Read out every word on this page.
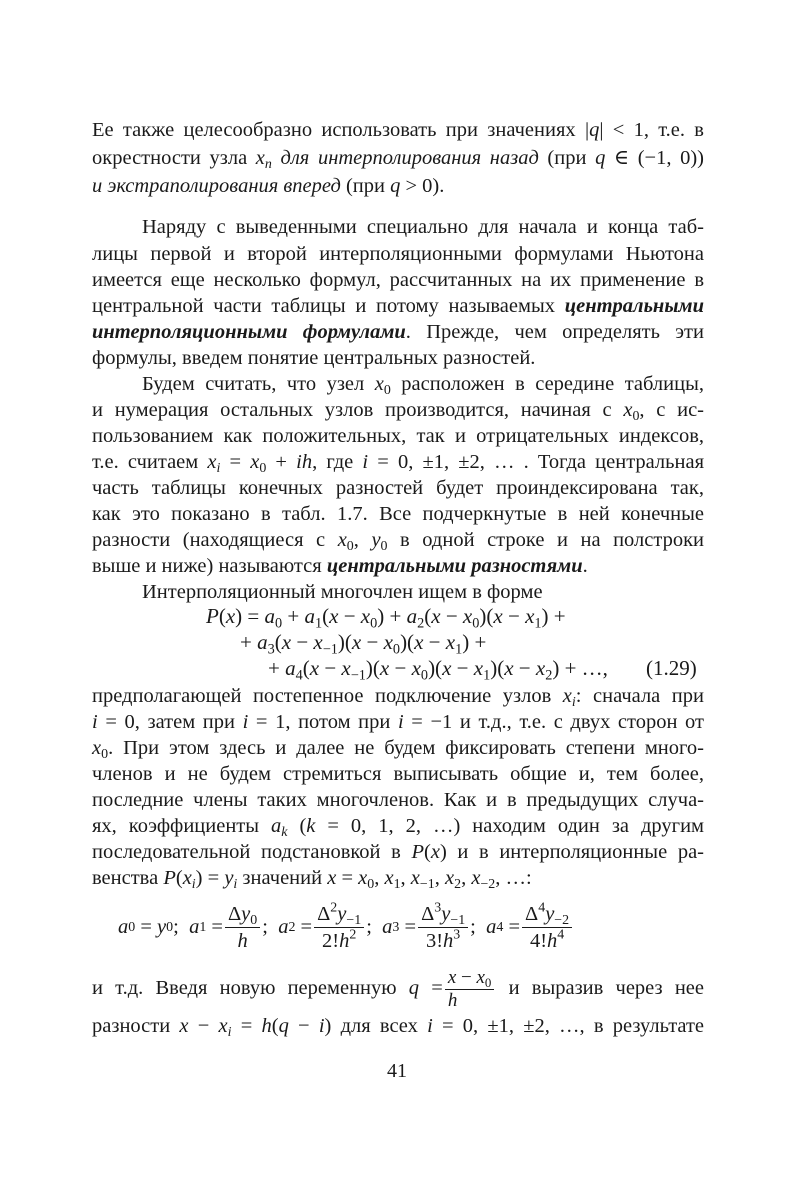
Ее также целесообразно использовать при значениях |q| < 1, т.е. в
окрестности узла $x_n$ для интерполирования назад (при q ∈ (−1, 0))
и экстраполирования вперед (при q > 0).
Наряду с выведенными специально для начала и конца таб-
лицы первой и второй интерполяционными формулами Ньютона
имеется еще несколько формул, рассчитанных на их применение в
центральной части таблицы и потому называемых центральными
интерполяционными формулами. Прежде, чем определять эти
формулы, введем понятие центральных разностей.
Будем считать, что узел $x_0$ расположен в середине таблицы,
и нумерация остальных узлов производится, начиная с $x_0$, с ис-
пользованием как положительных, так и отрицательных индексов,
т.е. считаем $x_i = x_0$ + ih, где i = 0, ±1, ±2, … . Тогда центральная
часть таблицы конечных разностей будет проиндексирована так,
как это показано в табл. 1.7. Все подчеркнутые в ней конечные
разности (находящиеся с $x_0$, $y_0$ в одной строке и на полстроки
выше и ниже) называются центральными разностями.
Интерполяционный многочлен ищем в форме
$P(x) = a_0 + a_1(x - x_0) + a_2(x - x_0)(x - x_1)$ +
+ $a_3(x - x_{-1})(x - x_0)(x - x_1)$ +
+ $a_4(x - x_{-1})(x - x_0)(x - x_1)(x - x_2)$ + …, (1.29)
предполагающей постепенное подключение узлов $x_i$: сначала при
i = 0, затем при i = 1, потом при i = −1 и т.д., т.е. с двух сторон от
$x_0$. При этом здесь и далее не будем фиксировать степени много-
членов и не будем стремиться выписывать общие и, тем более,
последние члены таких многочленов. Как и в предыдущих случа-
ях, коэффициенты $a_k$ (k = 0, 1, 2, …) находим один за другим
последовательной подстановкой в P(x) и в интерполяционные ра-
венства $P(x_i) = y_i$ значений $x = x_0$, $x_1$, $x_{-1}$, $x_2$, $x_{-2}$, …:
a 0 = y 0 ;
a $1 = \frac{\Delta y_0}{h}$ ;
a $2 = \frac{\Delta^2y_{-1}}{2!h^2}$ ;
a $3 = \frac{\Delta^3y_{-1}}{3!h^3}$ ;
a $4 = \frac{\Delta^4y_{-2}}{4!h^4}$
и т.д. Введя новую переменную $q = \frac{x - x_0}{h}$ и выразив через нее
разности $x - x_i = h(q - i)$ для всех i = 0, ±1, ±2, …, в результате
41
